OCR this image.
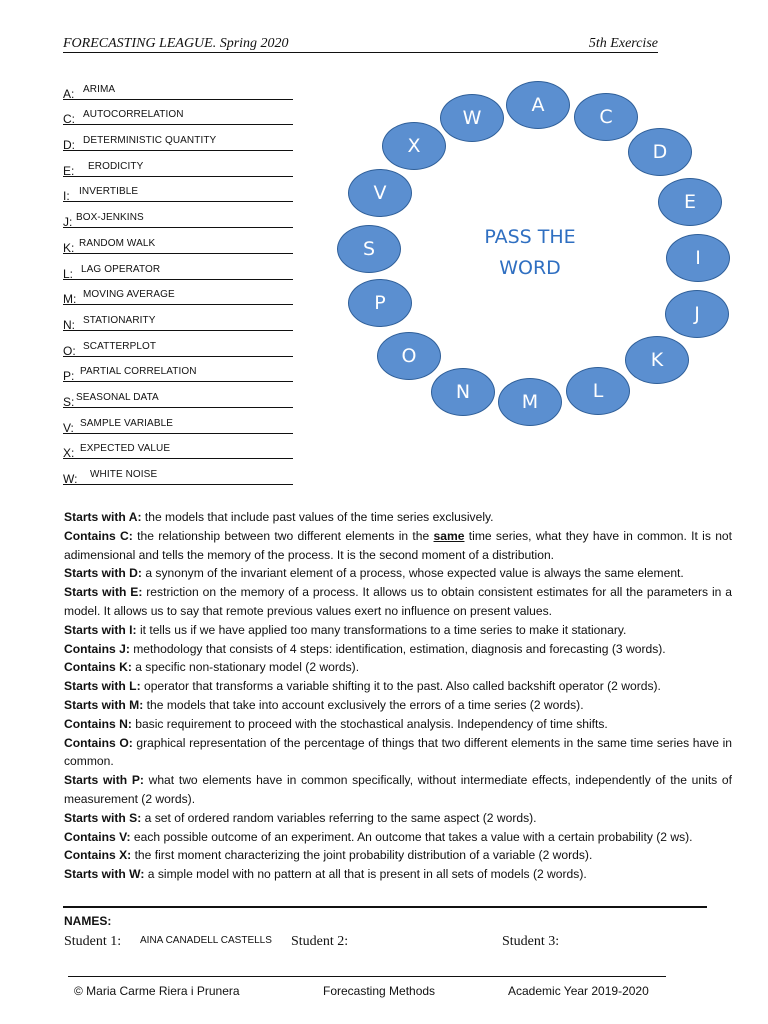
FORECASTING LEAGUE. Spring 2020	5th Exercise
A: ARIMA
C: AUTOCORRELATION
D: DETERMINISTIC QUANTITY
E: ERODICITY
I: INVERTIBLE
J: BOX-JENKINS
K: RANDOM WALK
L: LAG OPERATOR
M: MOVING AVERAGE
N: STATIONARITY
O: SCATTERPLOT
P: PARTIAL CORRELATION
S: SEASONAL DATA
V: SAMPLE VARIABLE
X: EXPECTED VALUE
W: WHITE NOISE
A
C
D
E
I
J
K
L
M
N
O
P
S
V
X
W
PASS THE
WORD
Starts with A: the models that include past values of the time series exclusively.
Contains C: the relationship between two different elements in the same time series, what they have in common. It is not adimensional and tells the memory of the process. It is the second moment of a distribution.
Starts with D: a synonym of the invariant element of a process, whose expected value is always the same element.
Starts with E: restriction on the memory of a process. It allows us to obtain consistent estimates for all the parameters in a model. It allows us to say that remote previous values exert no influence on present values.
Starts with I: it tells us if we have applied too many transformations to a time series to make it stationary.
Contains J: methodology that consists of 4 steps: identification, estimation, diagnosis and forecasting (3 words).
Contains K: a specific non-stationary model (2 words).
Starts with L: operator that transforms a variable shifting it to the past. Also called backshift operator (2 words).
Starts with M: the models that take into account exclusively the errors of a time series (2 words).
Contains N: basic requirement to proceed with the stochastical analysis. Independency of time shifts.
Contains O: graphical representation of the percentage of things that two different elements in the same time series have in common.
Starts with P: what two elements have in common specifically, without intermediate effects, independently of the units of measurement (2 words).
Starts with S: a set of ordered random variables referring to the same aspect (2 words).
Contains V: each possible outcome of an experiment. An outcome that takes a value with a certain probability (2 ws).
Contains X: the first moment characterizing the joint probability distribution of a variable (2 words).
Starts with W: a simple model with no pattern at all that is present in all sets of models (2 words).
NAMES:
Student 1: AINA CANADELL CASTELLS Student 2:	Student 3:
© Maria Carme Riera i Prunera	Forecasting Methods	Academic Year 2019-2020
